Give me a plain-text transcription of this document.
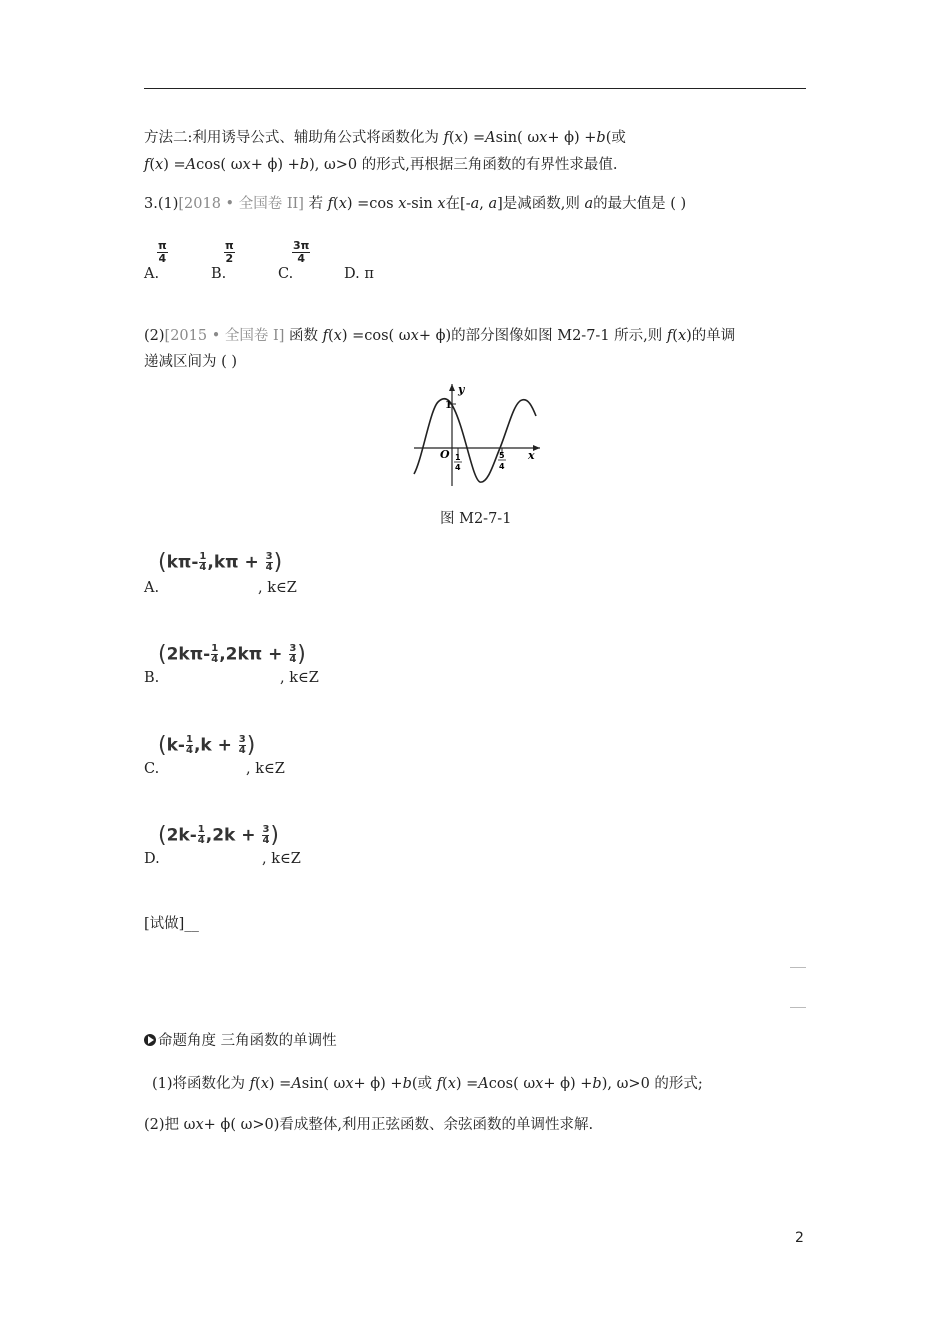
方法二:利用诱导公式、辅助角公式将函数化为 f(x) =Asin( ωx+ ϕ) +b(或
f(x) =Acos( ωx+ ϕ) +b), ω>0 的形式,再根据三角函数的有界性求最值.
3.(1)[2018 • 全国卷 II] 若 f(x) =cos x-sin x在[-a, a]是减函数,则 a的最大值是 ( )
A.
$\frac{\pi}{4}$
B.
$\frac{\pi}{2}$
C.
$\frac{3\pi}{4}$
D. π
(2)[2015 • 全国卷 I] 函数 f(x) =cos( ωx+ ϕ)的部分图像如图 M2-7-1 所示,则 f(x)的单调
递减区间为 ( )
y
x
O
1
1
4
5
4
图 M2-7-1
A.
($k\pi- \frac{1}{4} ,k\pi + \frac{3}{4}$ )
, k∈Z
B.
($2k\pi- \frac{1}{4} ,2k\pi + \frac{3}{4}$ )
, k∈Z
C.
($k- \frac{1}{4} ,k + \frac{3}{4}$ )
, k∈Z
D.
($2k- \frac{1}{4} ,2k + \frac{3}{4}$ )
, k∈Z
[试做]__
命题角度 三角函数的单调性
(1)将函数化为 f(x) =Asin( ωx+ ϕ) +b(或 f(x) =Acos( ωx+ ϕ) +b), ω>0 的形式;
(2)把 ωx+ ϕ( ω>0)看成整体,利用正弦函数、余弦函数的单调性求解.
2
